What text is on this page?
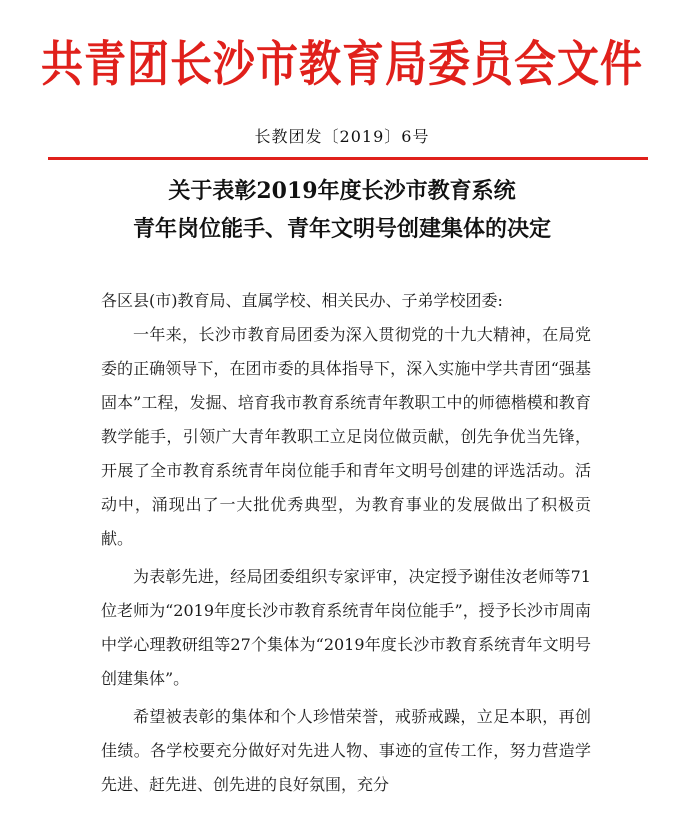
共青团长沙市教育局委员会文件
长教团发〔2019〕6号
关于表彰2019年度长沙市教育系统
青年岗位能手、青年文明号创建集体的决定

各区县(市)教育局、直属学校、相关民办、子弟学校团委:

一年来，长沙市教育局团委为深入贯彻党的十九大精神，在局党委的正确领导下，在团市委的具体指导下，深入实施中学共青团“强基固本”工程，发掘、培育我市教育系统青年教职工中的师德楷模和教育教学能手，引领广大青年教职工立足岗位做贡献，创先争优当先锋，开展了全市教育系统青年岗位能手和青年文明号创建的评选活动。活动中，涌现出了一大批优秀典型，为教育事业的发展做出了积极贡献。

为表彰先进，经局团委组织专家评审，决定授予谢佳汝老师等71位老师为“2019年度长沙市教育系统青年岗位能手”，授予长沙市周南中学心理教研组等27个集体为“2019年度长沙市教育系统青年文明号创建集体”。

希望被表彰的集体和个人珍惜荣誉，戒骄戒躁，立足本职，再创佳绩。各学校要充分做好对先进人物、事迹的宣传工作，努力营造学先进、赶先进、创先进的良好氛围，充分
